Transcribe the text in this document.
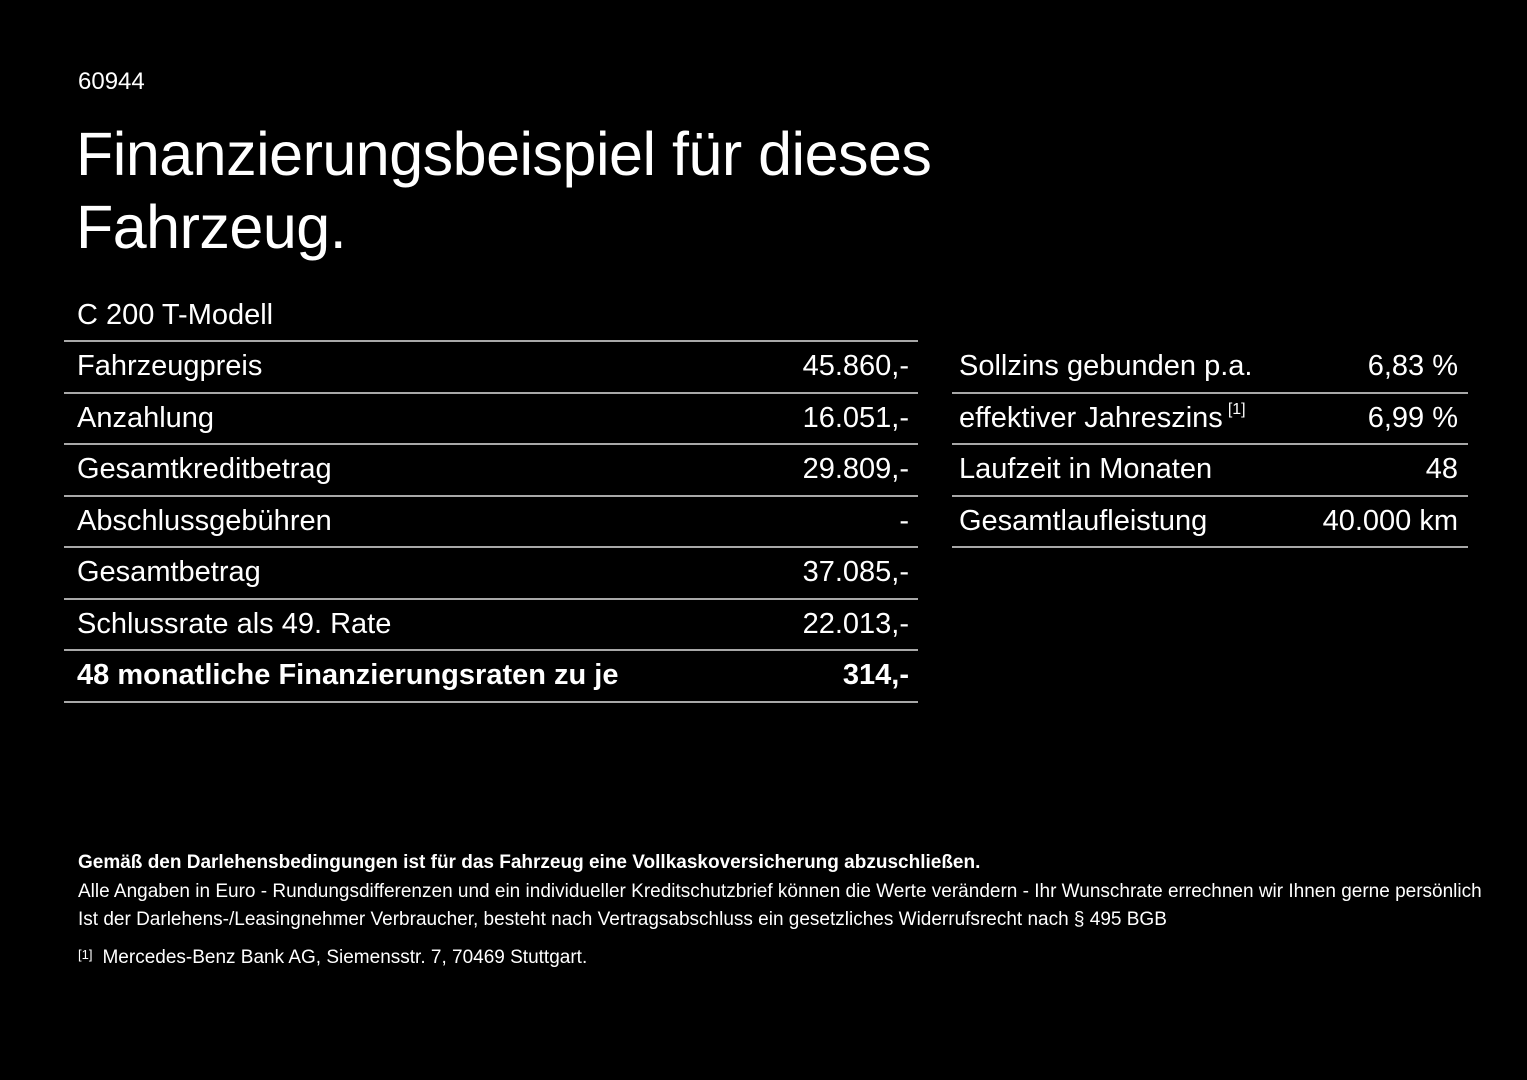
60944
Finanzierungsbeispiel für dieses
Fahrzeug.
C 200 T-Modell
Fahrzeugpreis	45.860,-
Anzahlung	16.051,-
Gesamtkreditbetrag	29.809,-
Abschlussgebühren	-
Gesamtbetrag	37.085,-
Schlussrate als 49. Rate	22.013,-
48 monatliche Finanzierungsraten zu je	314,-
Sollzins gebunden p.a.	6,83 %
effektiver Jahreszins [1]	6,99 %
Laufzeit in Monaten	48
Gesamtlaufleistung	40.000 km
Gemäß den Darlehensbedingungen ist für das Fahrzeug eine Vollkaskoversicherung abzuschließen.
Alle Angaben in Euro - Rundungsdifferenzen und ein individueller Kreditschutzbrief können die Werte verändern - Ihr Wunschrate errechnen wir Ihnen gerne persönlich
Ist der Darlehens-/Leasingnehmer Verbraucher, besteht nach Vertragsabschluss ein gesetzliches Widerrufsrecht nach § 495 BGB
[1] Mercedes-Benz Bank AG, Siemensstr. 7, 70469 Stuttgart.
